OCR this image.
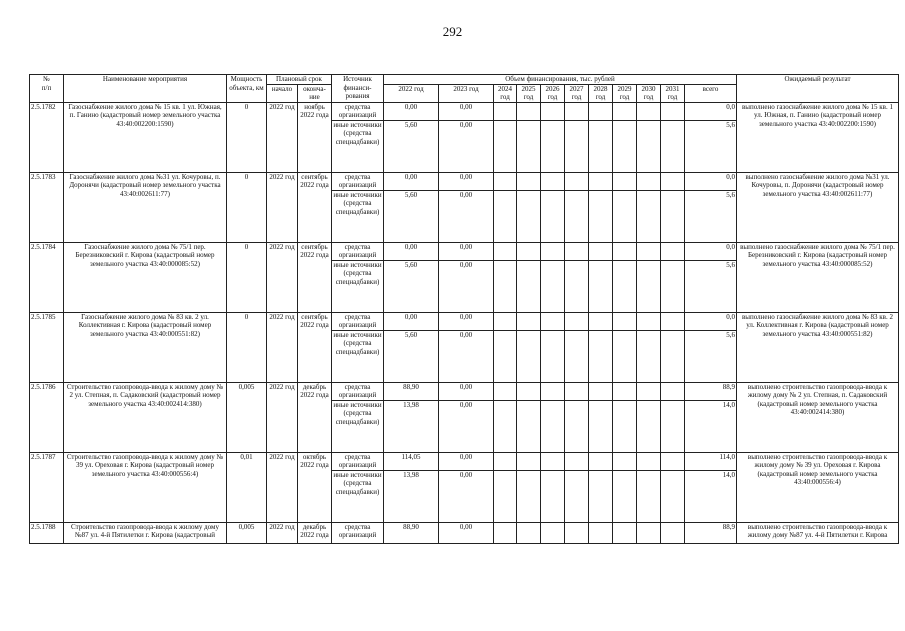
292
№
п/п	Наименование мероприятия	Мощность объекта, км	Плановый срок		Источник финанси-рования	Объем финансирования, тыс. рублей											Ожидаемый результат
			начало	оконча-ние		2022 год	2023 год	2024 год	2025 год	2026 год	2027 год	2028 год	2029 год	2030 год	2031 год	всего	
2.5.1782	Газоснабжение жилого дома № 15 кв. 1 ул. Южная, п. Ганино (кадастровый номер земельного участка 43:40:002200:1590)	0	2022 год	ноябрь 2022 года	средства организаций	0,00	0,00									0,0	выполнено газоснабжение жилого дома № 15 кв. 1 ул. Южная, п. Ганино (кадастровый номер земельного участка 43:40:002200:1590)
					иные источники (средства спецнадбавки)	5,60	0,00									5,6	
2.5.1783	Газоснабжение жилого дома №31 ул. Кочуровы, п. Доронячи (кадастровый номер земельного участка 43:40:002611:77)	0	2022 год	сентябрь 2022 года	средства организаций	0,00	0,00									0,0	выполнено газоснабжение жилого дома №31 ул. Кочуровы, п. Доронячи (кадастровый номер земельного участка 43:40:002611:77)
					иные источники (средства спецнадбавки)	5,60	0,00									5,6	
2.5.1784	Газоснабжение жилого дома № 75/1 пер. Березниковский г. Кирова (кадастровый номер земельного участка 43:40:000085:52)	0	2022 год	сентябрь 2022 года	средства организаций	0,00	0,00									0,0	выполнено газоснабжение жилого дома № 75/1 пер. Березниковский г. Кирова (кадастровый номер земельного участка 43:40:000085:52)
					иные источники (средства спецнадбавки)	5,60	0,00									5,6	
2.5.1785	Газоснабжение жилого дома № 83 кв. 2 ул. Коллективная г. Кирова (кадастровый номер земельного участка 43:40:000551:82)	0	2022 год	сентябрь 2022 года	средства организаций	0,00	0,00									0,0	выполнено газоснабжение жилого дома № 83 кв. 2 ул. Коллективная г. Кирова (кадастровый номер земельного участка 43:40:000551:82)
					иные источники (средства спецнадбавки)	5,60	0,00									5,6	
2.5.1786	Строительство газопровода-ввода к жилому дому № 2 ул. Степная, п. Садаковский (кадастровый номер земельного участка 43:40:002414:380)	0,005	2022 год	декабрь 2022 года	средства организаций	88,90	0,00									88,9	выполнено строительство газопровода-ввода к жилому дому № 2 ул. Степная, п. Садаковский (кадастровый номер земельного участка 43:40:002414:380)
					иные источники (средства спецнадбавки)	13,98	0,00									14,0	
2.5.1787	Строительство газопровода-ввода к жилому дому № 39 ул. Ореховая г. Кирова (кадастровый номер земельного участка 43:40:000556:4)	0,01	2022 год	октябрь 2022 года	средства организаций	114,05	0,00									114,0	выполнено строительство газопровода-ввода к жилому дому № 39 ул. Ореховая г. Кирова (кадастровый номер земельного участка 43:40:000556:4)
					иные источники (средства спецнадбавки)	13,98	0,00									14,0	
2.5.1788	Строительство газопровода-ввода к жилому дому №87 ул. 4-й Пятилетки г. Кирова (кадастровый	0,005	2022 год	декабрь 2022 года	средства организаций	88,90	0,00									88,9	выполнено строительство газопровода-ввода к жилому дому №87 ул. 4-й Пятилетки г. Кирова
